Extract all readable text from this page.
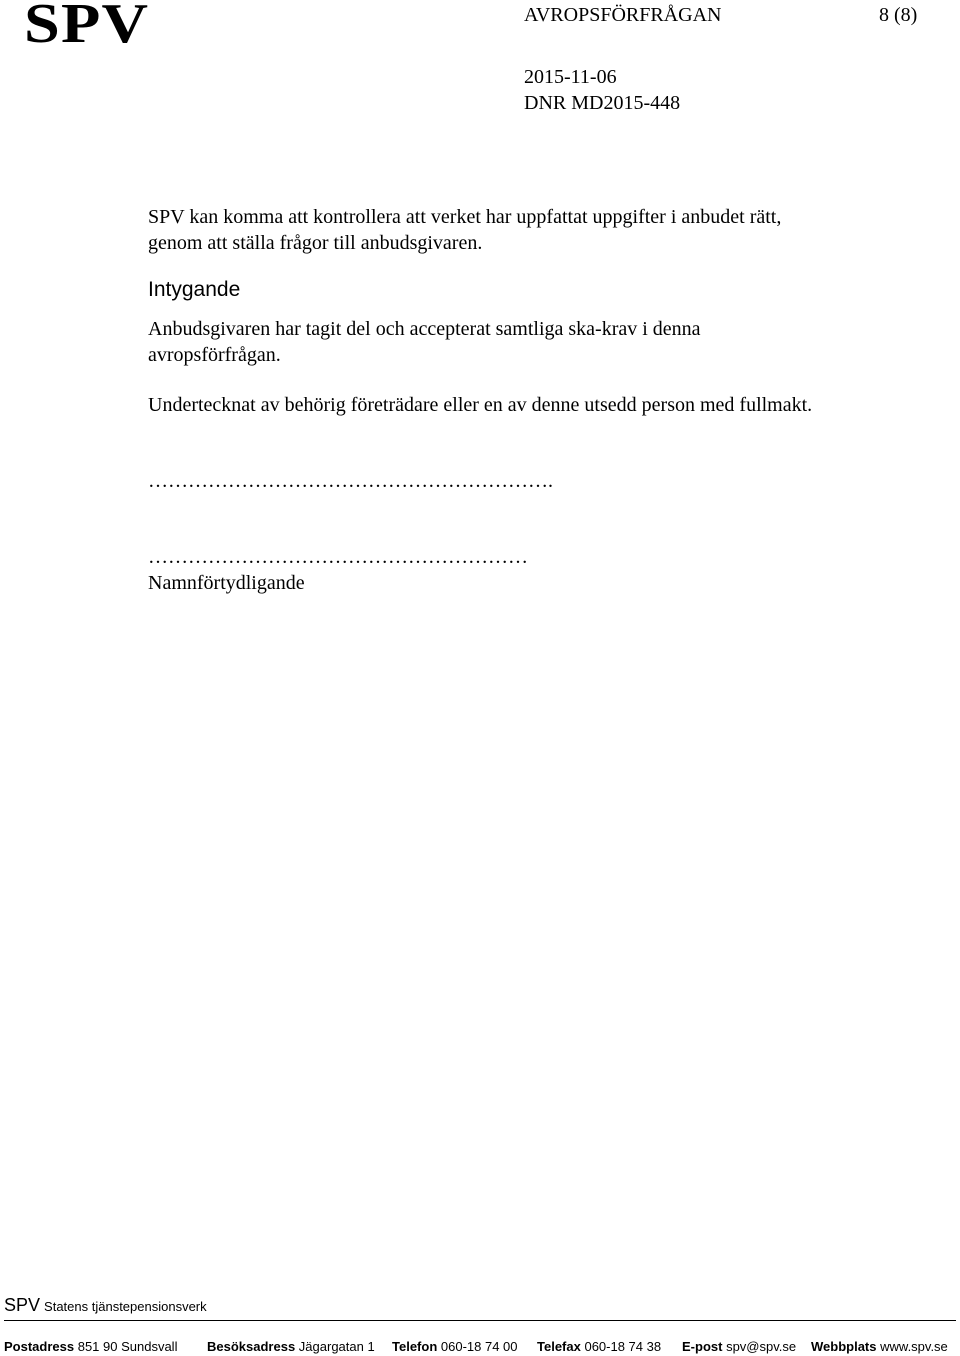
SPV	AVROPSFÖRFRÅGAN	8 (8)
2015-11-06
DNR MD2015-448

SPV kan komma att kontrollera att verket har uppfattat uppgifter i anbudet rätt,
genom att ställa frågor till anbudsgivaren.

Intygande

Anbudsgivaren har tagit del och accepterat samtliga ska-krav i denna
avropsförfrågan.

Undertecknat av behörig företrädare eller en av denne utsedd person med fullmakt.

…………………………………………………….
…………………………………………………
Namnförtydligande
SPV Statens tjänstepensionsverk
Postadress 851 90 Sundsvall Besöksadress Jägargatan 1 Telefon 060-18 74 00 Telefax 060-18 74 38 E-post spv@spv.se Webbplats www.spv.se
